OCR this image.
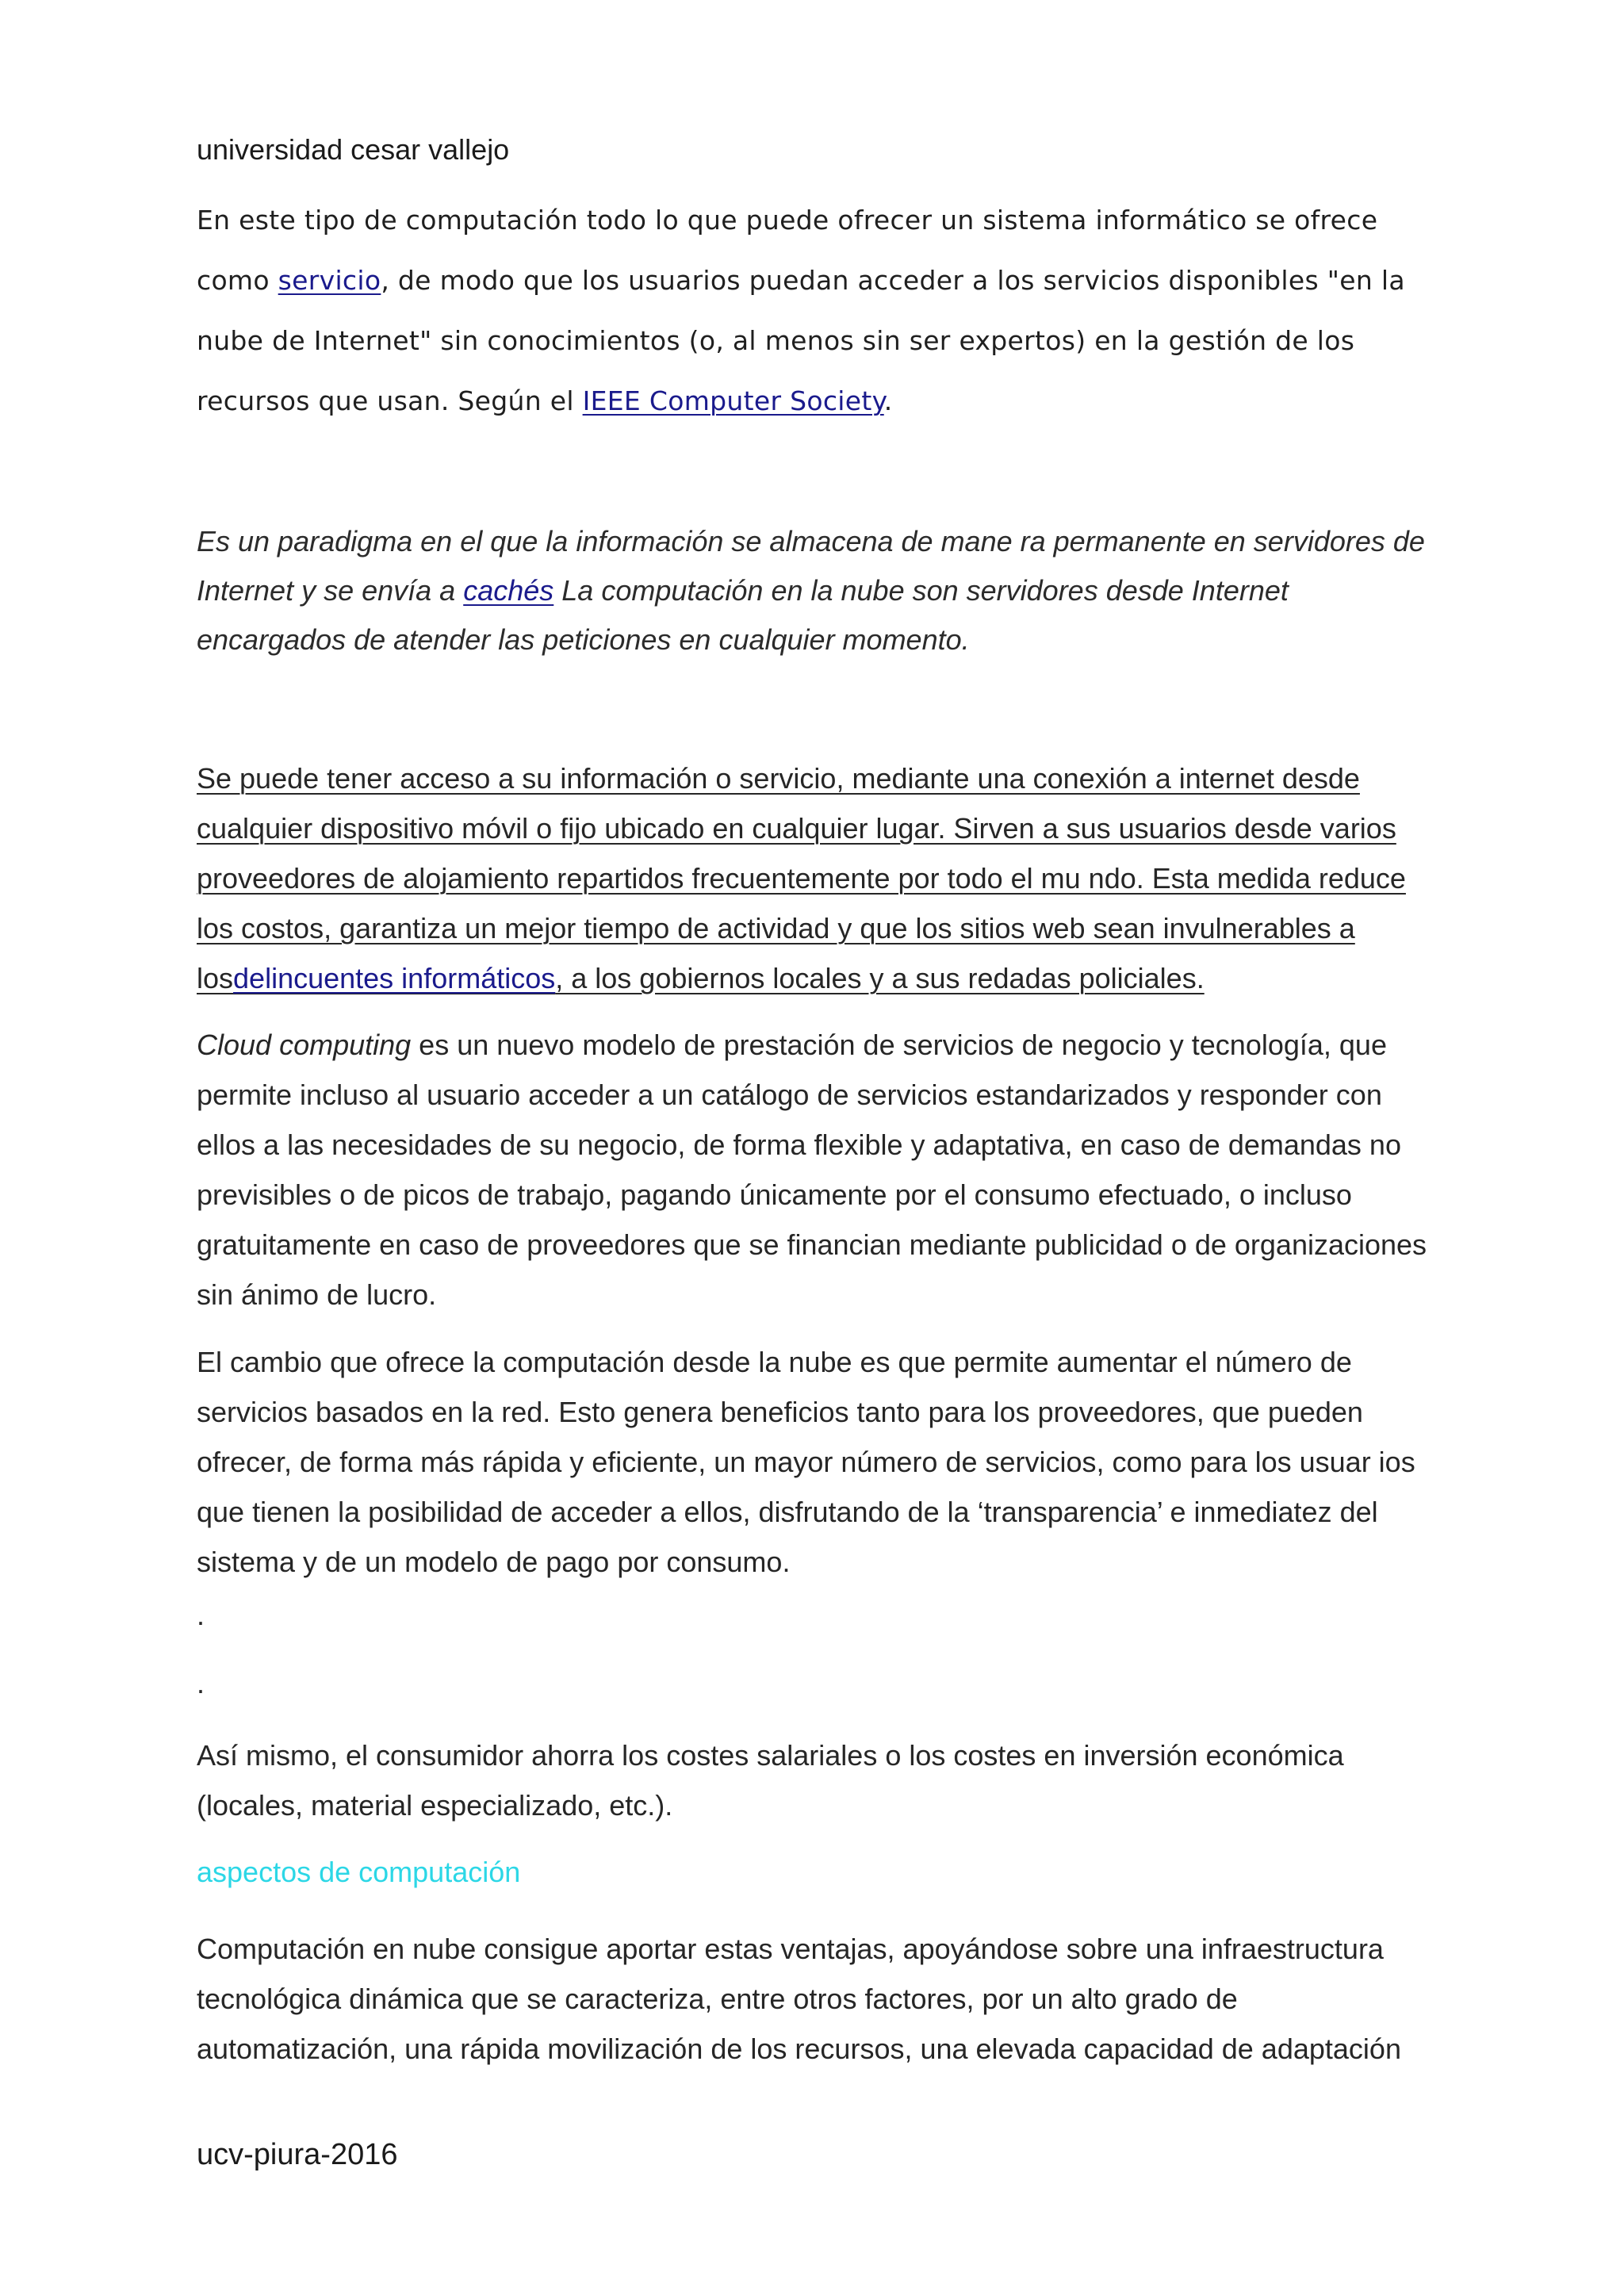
universidad cesar vallejo

En este tipo de computación todo lo que puede ofrecer un sistema informático se ofrece como servicio, de modo que los usuarios puedan acceder a los servicios disponibles "en la nube de Internet" sin conocimientos (o, al menos sin ser expertos) en la gestión de los recursos que usan. Según el IEEE Computer Society.

Es un paradigma en el que la información se almacena de mane ra permanente en servidores de Internet y se envía a cachés La computación en la nube son servidores desde Internet encargados de atender las peticiones en cualquier momento.

Se puede tener acceso a su información o servicio, mediante una conexión a internet desde cualquier dispositivo móvil o fijo ubicado en cualquier lugar. Sirven a sus usuarios desde varios proveedores de alojamiento repartidos frecuentemente por todo el mu ndo. Esta medida reduce los costos, garantiza un mejor tiempo de actividad y que los sitios web sean invulnerables a losdelincuentes informáticos, a los gobiernos locales y a sus redadas policiales.

Cloud computing es un nuevo modelo de prestación de servicios de negocio y tecnología, que permite incluso al usuario acceder a un catálogo de servicios estandarizados y responder con ellos a las necesidades de su negocio, de forma flexible y adaptativa, en caso de demandas no previsibles o de picos de trabajo, pagando únicamente por el consumo efectuado, o incluso gratuitamente en caso de proveedores que se financian mediante publicidad o de organizaciones sin ánimo de lucro.

El cambio que ofrece la computación desde la nube es que permite aumentar el número de servicios basados en la red. Esto genera beneficios tanto para los proveedores, que pueden ofrecer, de forma más rápida y eficiente, un mayor número de servicios, como para los usuar ios que tienen la posibilidad de acceder a ellos, disfrutando de la ‘transparencia’ e inmediatez del sistema y de un modelo de pago por consumo.

.
.

Así mismo, el consumidor ahorra los costes salariales o los costes en inversión económica (locales, material especializado, etc.).

aspectos de computación

Computación en nube consigue aportar estas ventajas, apoyándose sobre una infraestructura tecnológica dinámica que se caracteriza, entre otros factores, por un alto grado de automatización, una rápida movilización de los recursos, una elevada capacidad de adaptación

ucv-piura-2016
